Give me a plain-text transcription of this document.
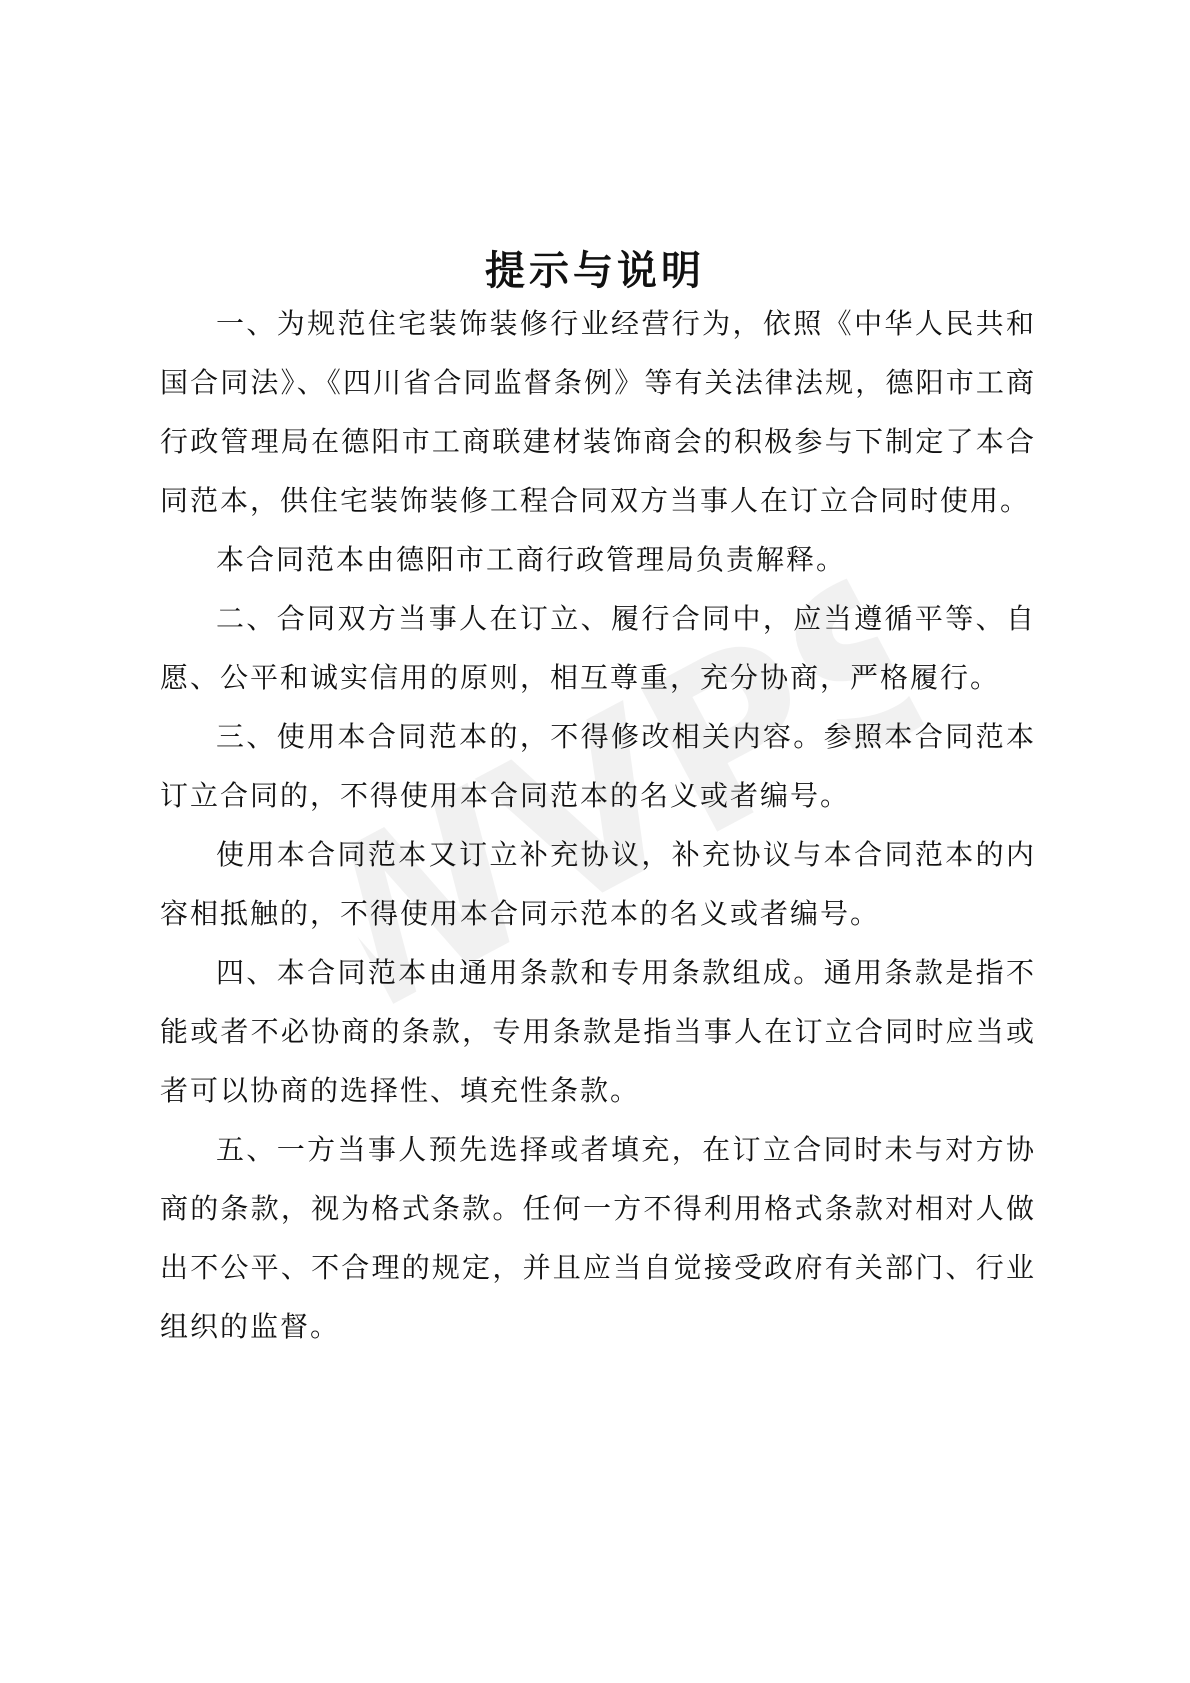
WVPS
提示与说明

一、为规范住宅装饰装修行业经营行为，依照《中华人民共和国合同法》、《四川省合同监督条例》等有关法律法规，德阳市工商行政管理局在德阳市工商联建材装饰商会的积极参与下制定了本合同范本，供住宅装饰装修工程合同双方当事人在订立合同时使用。

本合同范本由德阳市工商行政管理局负责解释。

二、合同双方当事人在订立、履行合同中，应当遵循平等、自愿、公平和诚实信用的原则，相互尊重，充分协商，严格履行。

三、使用本合同范本的，不得修改相关内容。参照本合同范本订立合同的，不得使用本合同范本的名义或者编号。

使用本合同范本又订立补充协议，补充协议与本合同范本的内容相抵触的，不得使用本合同示范本的名义或者编号。

四、本合同范本由通用条款和专用条款组成。通用条款是指不能或者不必协商的条款，专用条款是指当事人在订立合同时应当或者可以协商的选择性、填充性条款。

五、一方当事人预先选择或者填充，在订立合同时未与对方协商的条款，视为格式条款。任何一方不得利用格式条款对相对人做出不公平、不合理的规定，并且应当自觉接受政府有关部门、行业组织的监督。
